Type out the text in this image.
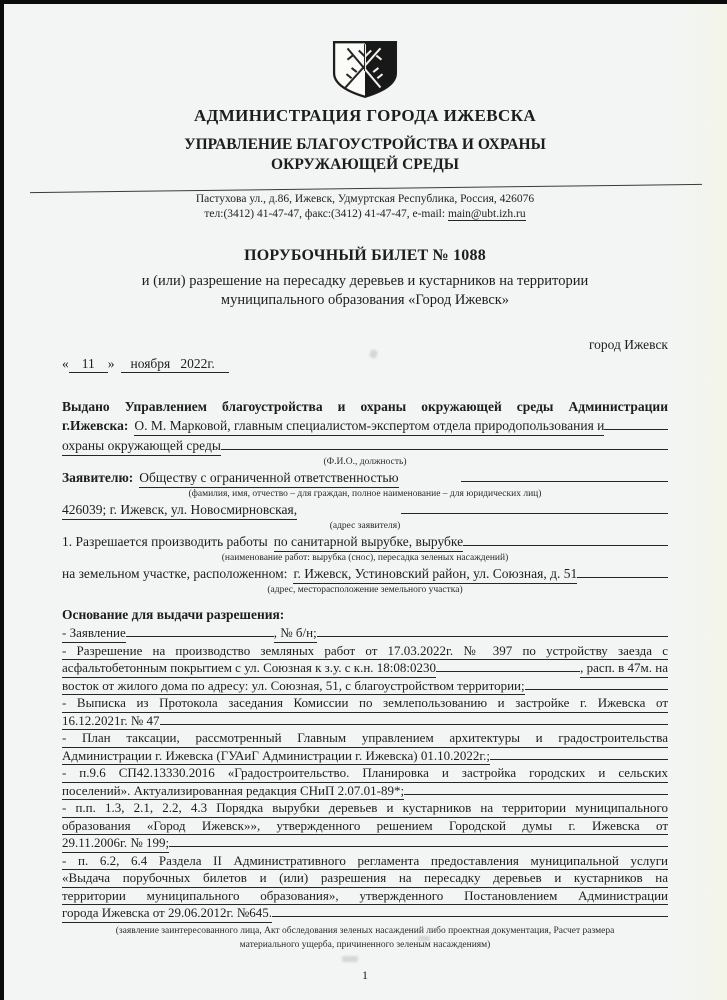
АДМИНИСТРАЦИЯ ГОРОДА ИЖЕВСКА
УПРАВЛЕНИЕ БЛАГОУСТРОЙСТВА И ОХРАНЫ
ОКРУЖАЮЩЕЙ СРЕДЫ
Пастухова ул., д.86, Ижевск, Удмуртская Республика, Россия, 426076
тел:(3412) 41-47-47, факс:(3412) 41-47-47, e-mail: main@ubt.izh.ru
ПОРУБОЧНЫЙ БИЛЕТ № 1088
и (или) разрешение на пересадку деревьев и кустарников на территории
муниципального образования «Город Ижевск»
город Ижевск
« 11 »	ноября   2022г.
Выдано Управлением благоустройства и охраны окружающей среды Администрации
г.Ижевска: О. М. Марковой, главным специалистом-экспертом отдела природопользования и
охраны окружающей среды
(Ф.И.О., должность)
Заявителю: Обществу с ограниченной ответственностью
(фамилия, имя, отчество – для граждан, полное наименование – для юридических лиц)
426039; г. Ижевск, ул. Новосмирновская,
(адрес заявителя)
1. Разрешается производить работы по санитарной вырубке, вырубке
(наименование работ: вырубка (снос), пересадка зеленых насаждений)
на земельном участке, расположенном: г. Ижевск, Устиновский район, ул. Союзная, д. 51
(адрес, месторасположение земельного участка)
Основание для выдачи разрешения:
- Заявление	, № б/н;
- Разрешение на производство земляных работ от 17.03.2022г. № 397 по устройству заезда с
асфальтобетонным покрытием с ул. Союзная к з.у. с к.н. 18:08:0230	, расп. в 47м. на
восток от жилого дома по адресу: ул. Союзная, 51, с благоустройством территории;
- Выписка из Протокола заседания Комиссии по землепользованию и застройке г. Ижевска от
16.12.2021г. № 47
- План таксации, рассмотренный Главным управлением архитектуры и градостроительства
Администрации г. Ижевска (ГУАиГ Администрации г. Ижевска) 01.10.2022г.;
- п.9.6 СП42.13330.2016 «Градостроительство. Планировка и застройка городских и сельских
поселений». Актуализированная редакция СНиП 2.07.01-89*;
- п.п. 1.3, 2.1, 2.2, 4.3 Порядка вырубки деревьев и кустарников на территории муниципального
образования «Город Ижевск»», утвержденного решением Городской думы г. Ижевска от
29.11.2006г. № 199;
- п. 6.2, 6.4 Раздела II Административного регламента предоставления муниципальной услуги
«Выдача порубочных билетов и (или) разрешения на пересадку деревьев и кустарников на
территории муниципального образования», утвержденного Постановлением Администрации
города Ижевска от 29.06.2012г. №645.
(заявление заинтересованного лица, Акт обследования зеленых насаждений либо проектная документация, Расчет размера
материального ущерба, причиненного зеленым насаждениям)
1
